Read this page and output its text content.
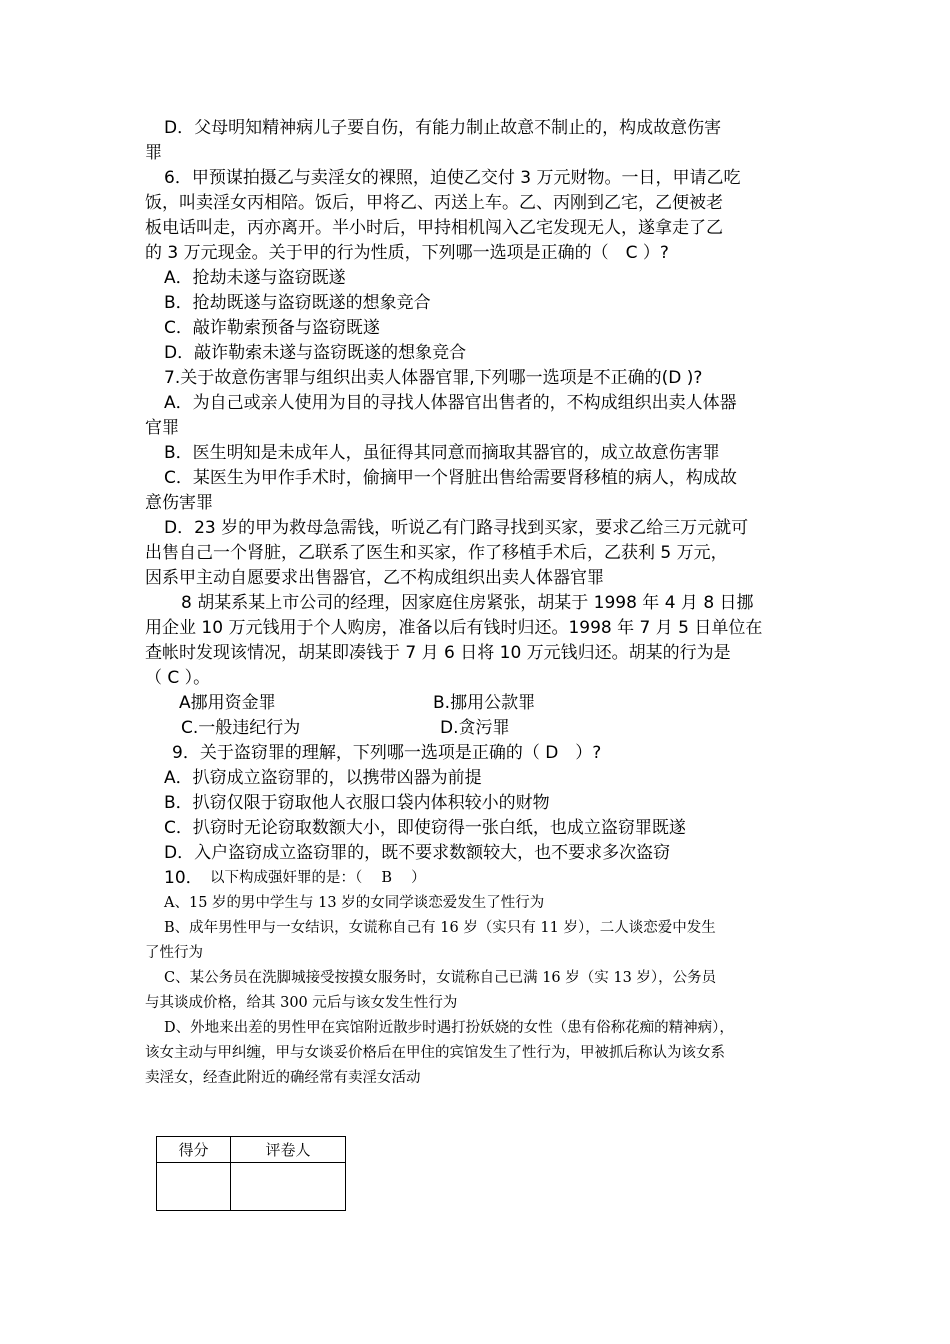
D．父母明知精神病儿子要自伤，有能力制止故意不制止的，构成故意伤害

罪

6．甲预谋拍摄乙与卖淫女的裸照，迫使乙交付 3 万元财物。一日，甲请乙吃

饭，叫卖淫女丙相陪。饭后，甲将乙、丙送上车。乙、丙刚到乙宅，乙便被老

板电话叫走，丙亦离开。半小时后，甲持相机闯入乙宅发现无人，遂拿走了乙

的 3 万元现金。关于甲的行为性质，下列哪一选项是正确的（　C ）?

A．抢劫未遂与盗窃既遂

B．抢劫既遂与盗窃既遂的想象竞合

C．敲诈勒索预备与盗窃既遂

D．敲诈勒索未遂与盗窃既遂的想象竞合

7.关于故意伤害罪与组织出卖人体器官罪,下列哪一选项是不正确的(D )?

A．为自己或亲人使用为目的寻找人体器官出售者的，不构成组织出卖人体器

官罪

B．医生明知是未成年人，虽征得其同意而摘取其器官的，成立故意伤害罪

C．某医生为甲作手术时，偷摘甲一个肾脏出售给需要肾移植的病人，构成故

意伤害罪

D．23 岁的甲为救母急需钱，听说乙有门路寻找到买家，要求乙给三万元就可

出售自己一个肾脏，乙联系了医生和买家，作了移植手术后，乙获利 5 万元，

因系甲主动自愿要求出售器官，乙不构成组织出卖人体器官罪

8 胡某系某上市公司的经理，因家庭住房紧张，胡某于 1998 年 4 月 8 日挪

用企业 10 万元钱用于个人购房，准备以后有钱时归还。1998 年 7 月 5 日单位在

查帐时发现该情况，胡某即凑钱于 7 月 6 日将 10 万元钱归还。胡某的行为是

（ C ）。

A挪用资金罪	B.挪用公款罪

C.一般违纪行为	D.贪污罪

9．关于盗窃罪的理解，下列哪一选项是正确的（ D　）?

A．扒窃成立盗窃罪的，以携带凶器为前提

B．扒窃仅限于窃取他人衣服口袋内体积较小的财物

C．扒窃时无论窃取数额大小，即使窃得一张白纸，也成立盗窃罪既遂

D．入户盗窃成立盗窃罪的，既不要求数额较大，也不要求多次盗窃

10． 以下构成强奸罪的是：（　 B　 ）

A、15 岁的男中学生与 13 岁的女同学谈恋爱发生了性行为

B、成年男性甲与一女结识，女谎称自己有 16 岁（实只有 11 岁），二人谈恋爱中发生

了性行为

C、某公务员在洗脚城接受按摸女服务时，女谎称自己已满 16 岁（实 13 岁），公务员

与其谈成价格，给其 300 元后与该女发生性行为

D、外地来出差的男性甲在宾馆附近散步时遇打扮妖娆的女性（患有俗称花痴的精神病），

该女主动与甲纠缠，甲与女谈妥价格后在甲住的宾馆发生了性行为，甲被抓后称认为该女系

卖淫女，经查此附近的确经常有卖淫女活动

得分	评卷人
